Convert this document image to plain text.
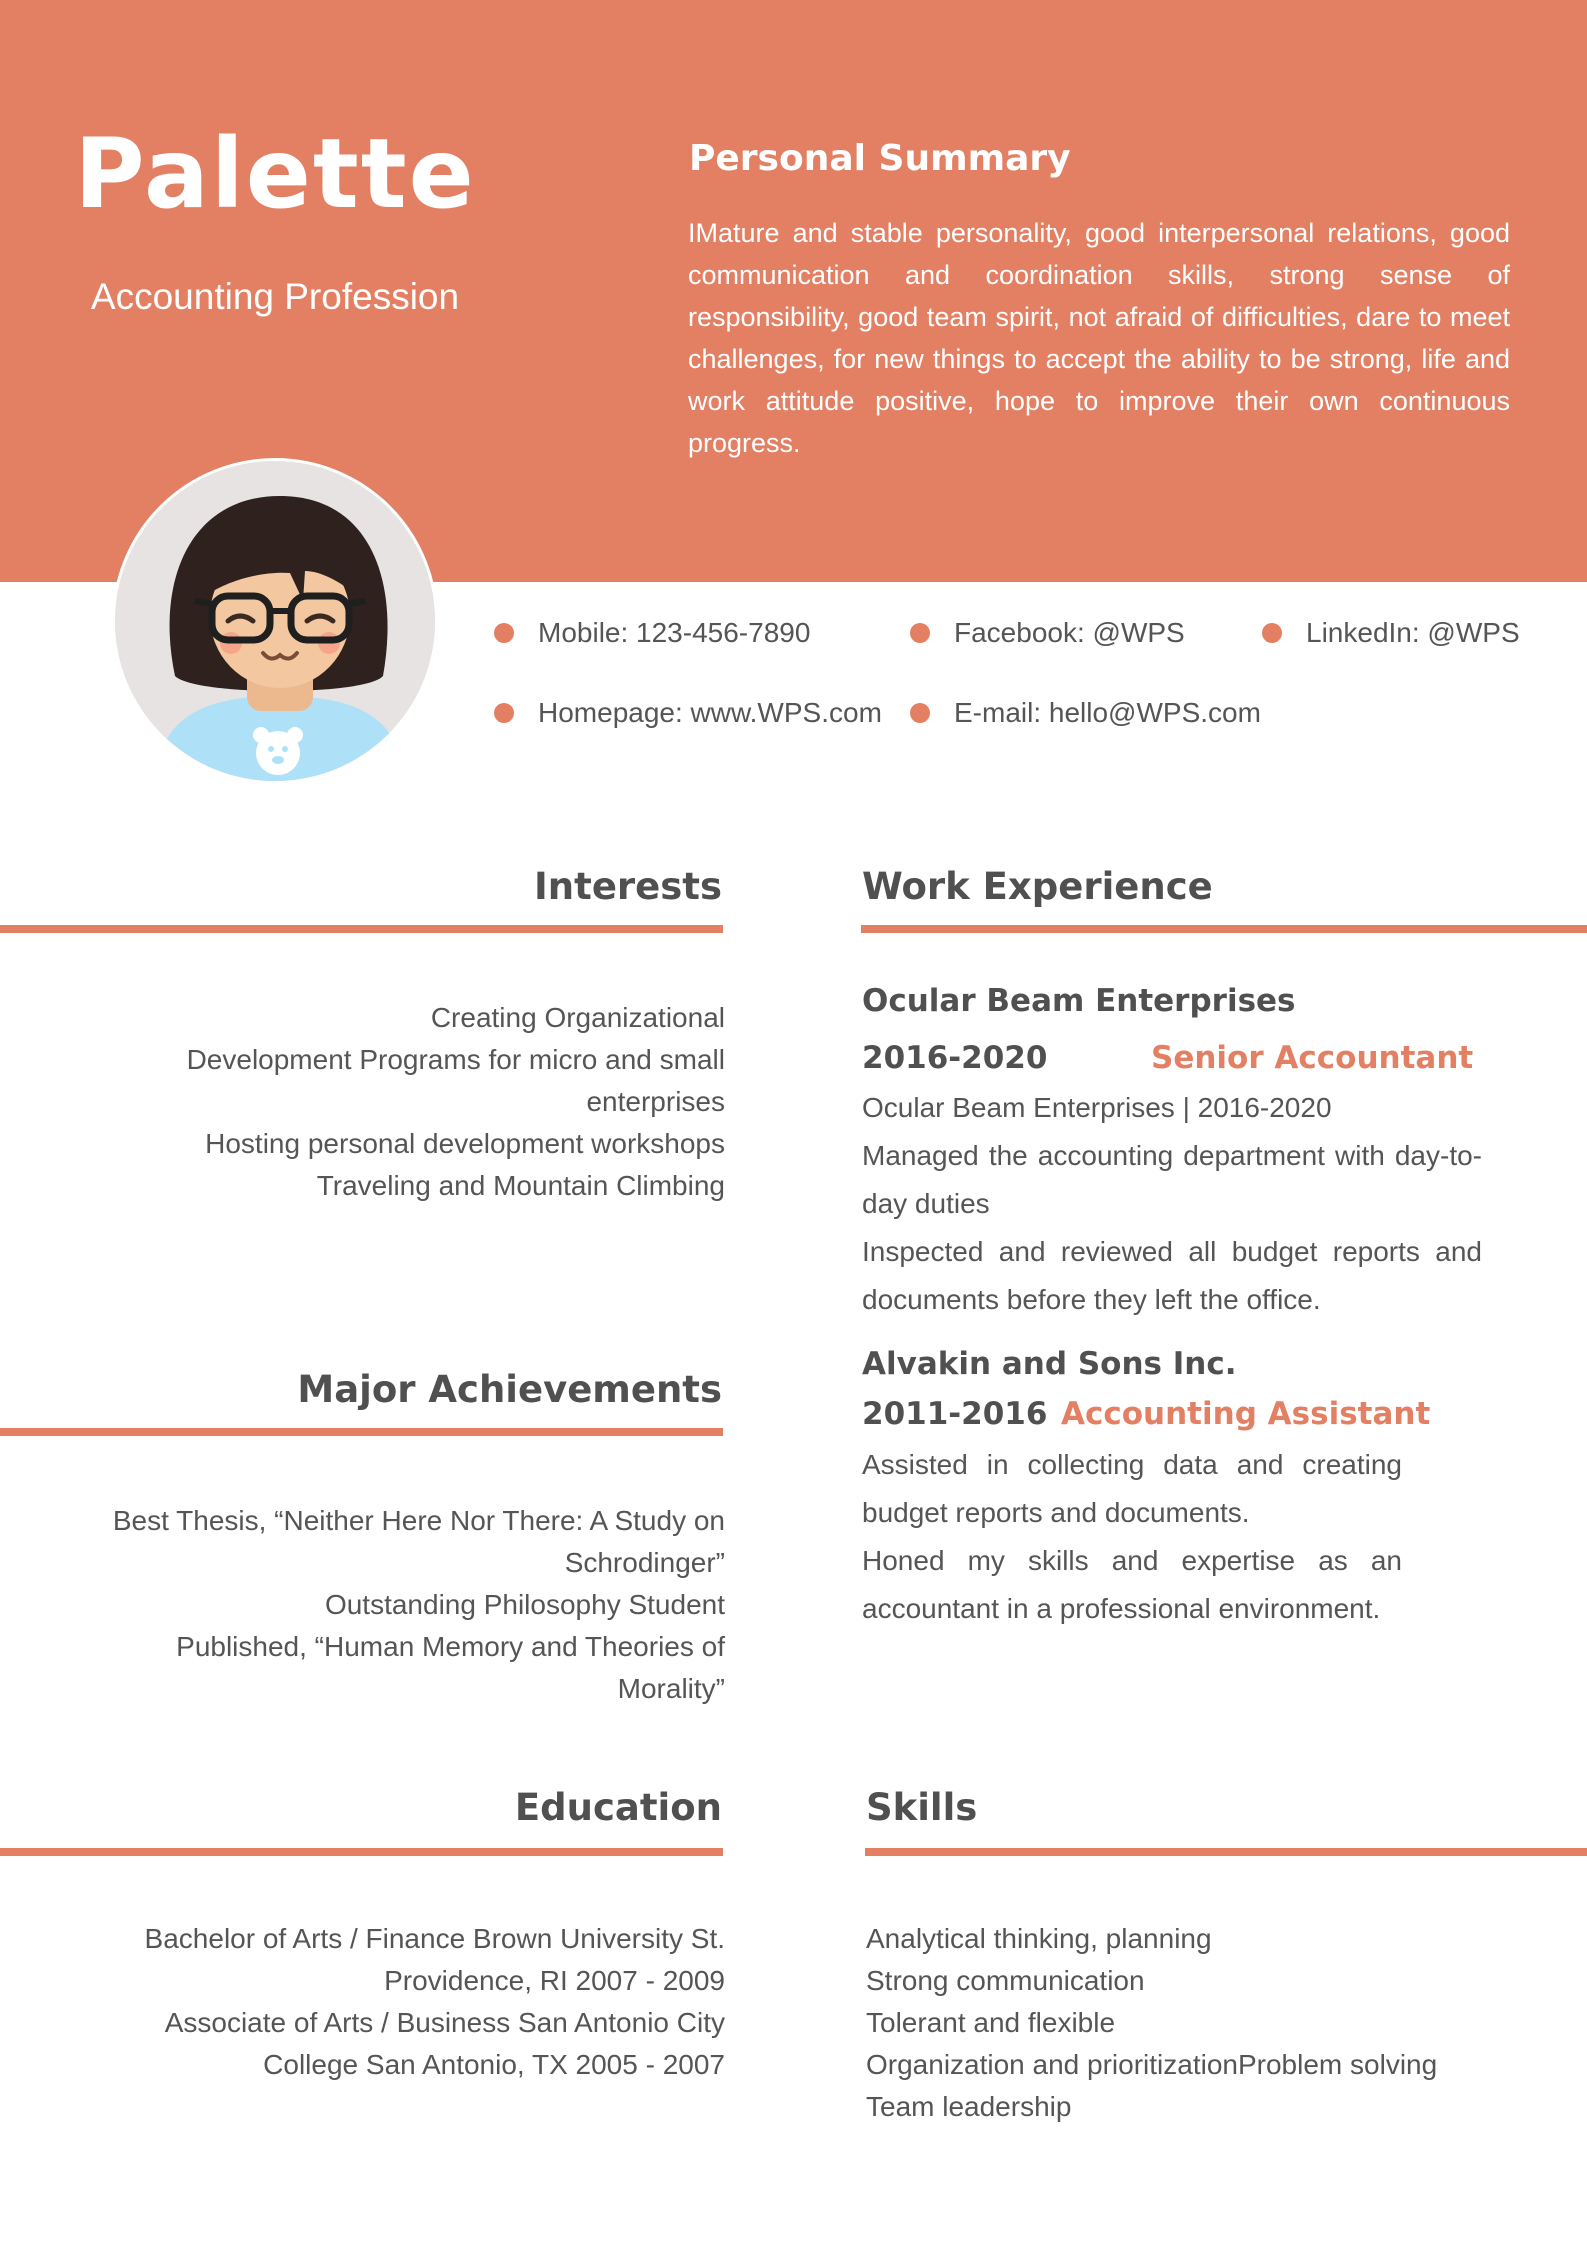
Palette
Accounting Profession
Personal Summary
IMature and stable personality, good interpersonal relations, good communication and coordination skills, strong sense of responsibility, good team spirit, not afraid of difficulties, dare to meet challenges, for new things to accept the ability to be strong, life and work attitude positive, hope to improve their own continuous progress.
Mobile: 123-456-7890	Facebook: @WPS	LinkedIn: @WPS
Homepage: www.WPS.com	E-mail: hello@WPS.com
Interests
Creating Organizational
Development Programs for micro and small
enterprises
Hosting personal development workshops
Traveling and Mountain Climbing
Work Experience
Ocular Beam Enterprises
2016-2020	Senior Accountant
Ocular Beam Enterprises | 2016-2020
Managed the accounting department with day-to-day duties
Inspected and reviewed all budget reports and documents before they left the office.
Alvakin and Sons Inc.
2011-2016 Accounting Assistant
Assisted in collecting data and creating budget reports and documents.
Honed my skills and expertise as an accountant in a professional environment.
Major Achievements
Best Thesis, “Neither Here Nor There: A Study on
Schrodinger”
Outstanding Philosophy Student
Published, “Human Memory and Theories of
Morality”
Education
Bachelor of Arts / Finance Brown University St.
Providence, RI 2007 - 2009
Associate of Arts / Business San Antonio City
College San Antonio, TX 2005 - 2007
Skills
Analytical thinking, planning
Strong communication
Tolerant and flexible
Organization and prioritizationProblem solving
Team leadership
